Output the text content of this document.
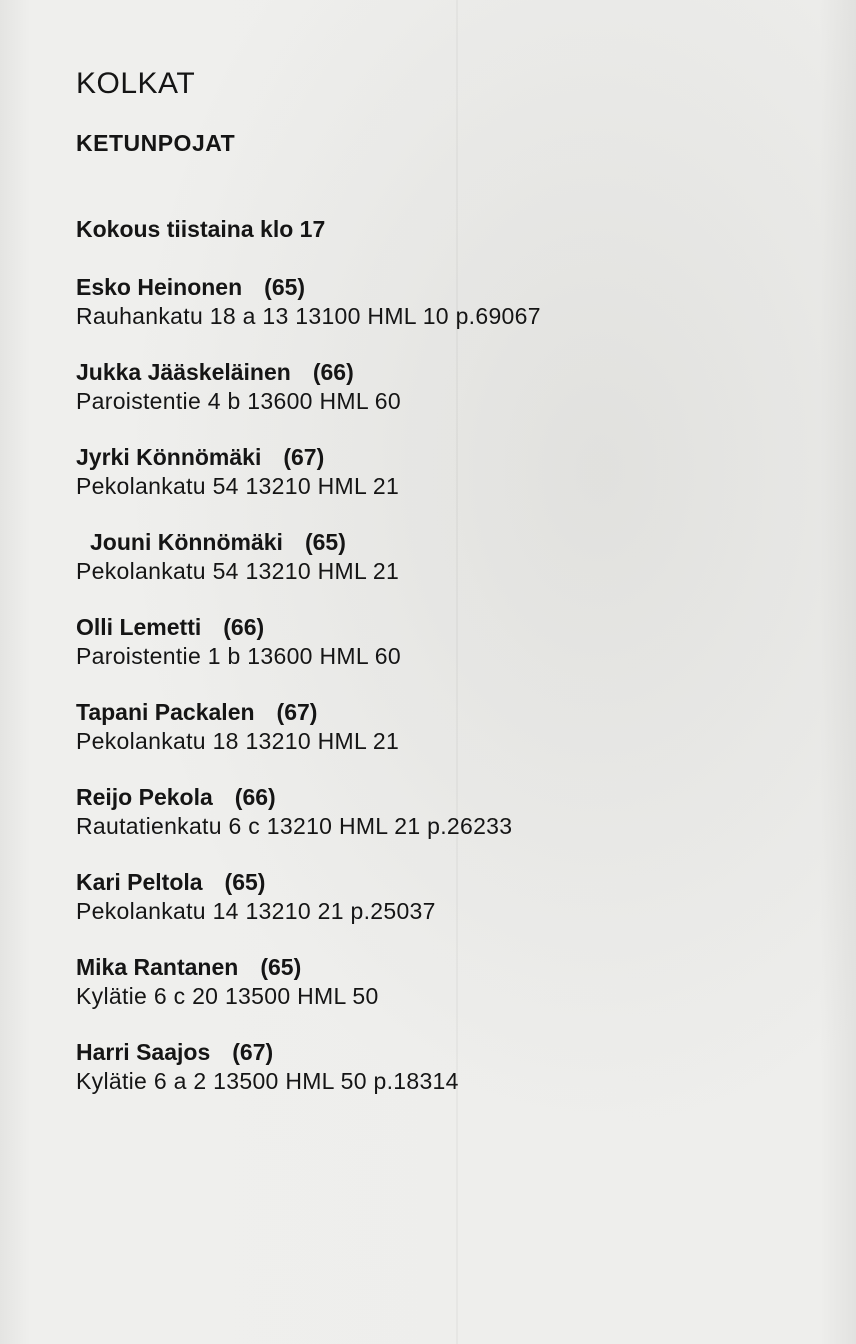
KOLKAT
KETUNPOJAT
Kokous tiistaina klo 17
Esko Heinonen (65)
Rauhankatu 18 a 13 13100 HML 10 p.69067
Jukka Jääskeläinen (66)
Paroistentie 4 b 13600 HML 60
Jyrki Könnömäki (67)
Pekolankatu 54 13210 HML 21
Jouni Könnömäki (65)
Pekolankatu 54 13210 HML 21
Olli Lemetti (66)
Paroistentie 1 b 13600 HML 60
Tapani Packalen (67)
Pekolankatu 18 13210 HML 21
Reijo Pekola (66)
Rautatienkatu 6 c 13210 HML 21 p.26233
Kari Peltola (65)
Pekolankatu 14 13210 21 p.25037
Mika Rantanen (65)
Kylätie 6 c 20 13500 HML 50
Harri Saajos (67)
Kylätie 6 a 2 13500 HML 50 p.18314
